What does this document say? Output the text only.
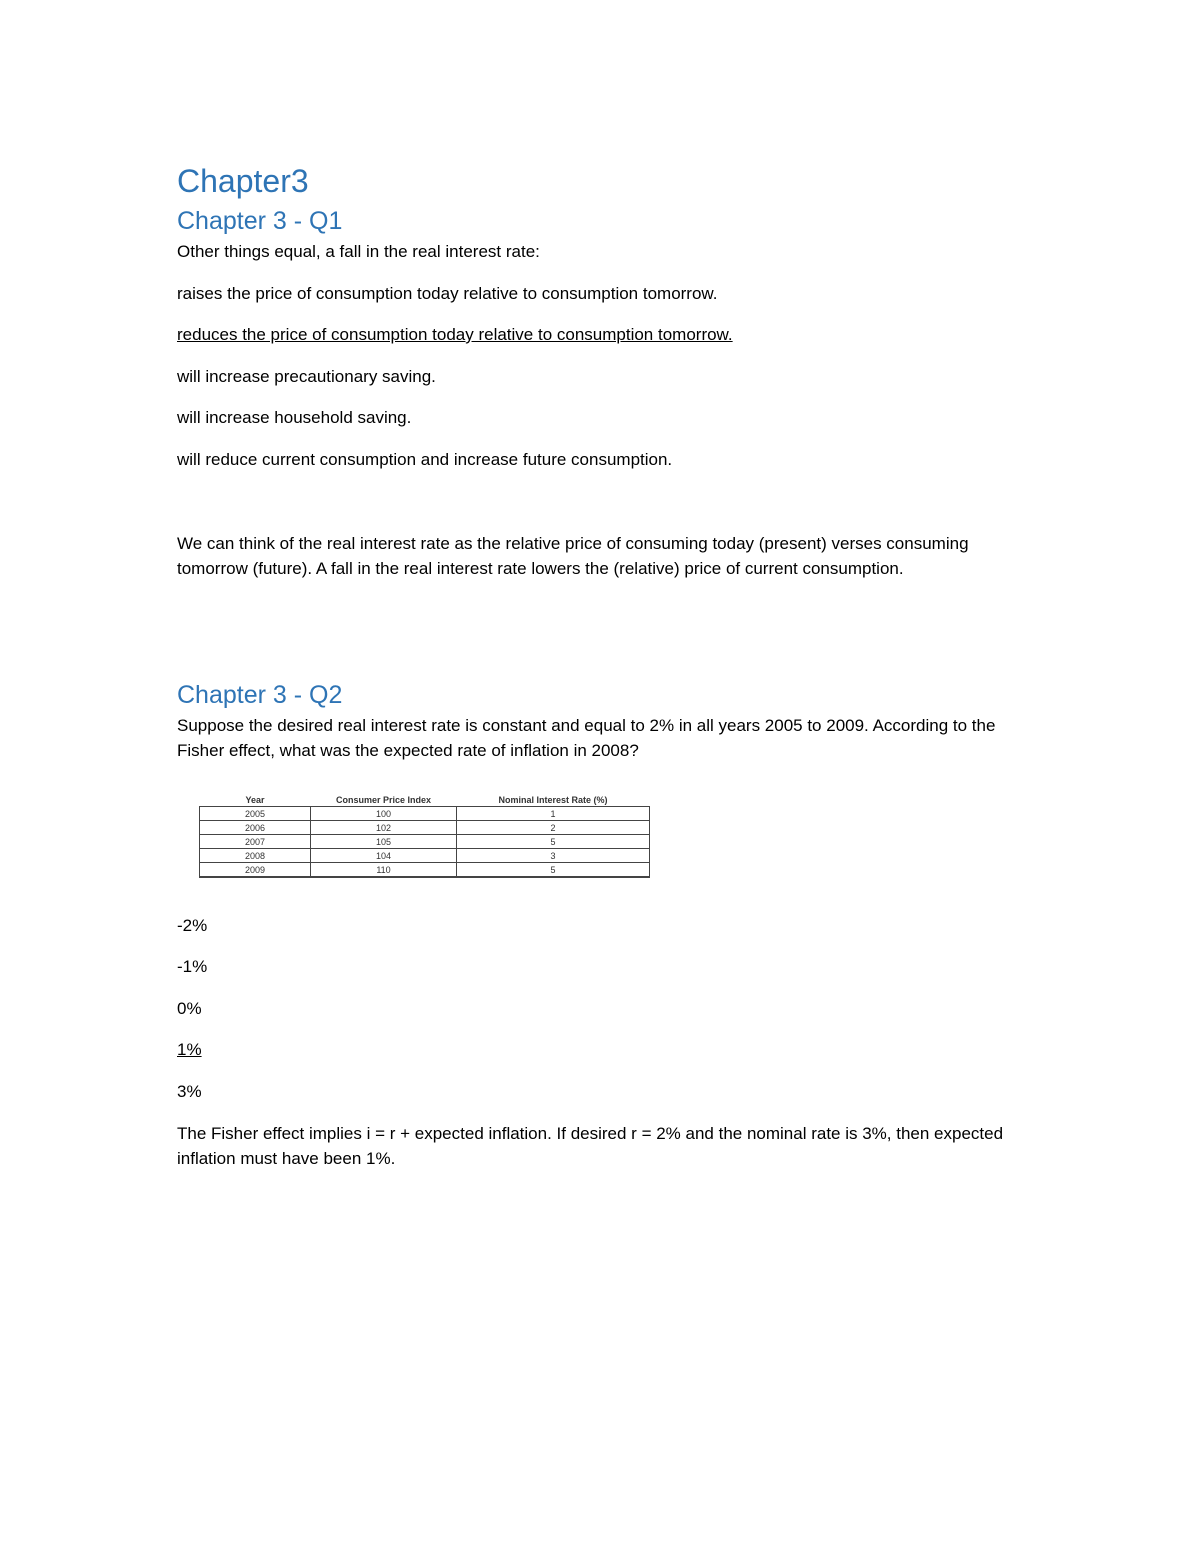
Chapter3
Chapter 3 - Q1

Other things equal, a fall in the real interest rate:

raises the price of consumption today relative to consumption tomorrow.

reduces the price of consumption today relative to consumption tomorrow.

will increase precautionary saving.

will increase household saving.

will reduce current consumption and increase future consumption.

We can think of the real interest rate as the relative price of consuming today (present) verses consuming tomorrow (future). A fall in the real interest rate lowers the (relative) price of current consumption.

Chapter 3 - Q2

Suppose the desired real interest rate is constant and equal to 2% in all years 2005 to 2009. According to the Fisher effect, what was the expected rate of inflation in 2008?

Year	Consumer Price Index	Nominal Interest Rate (%)
2005	100	1
2006	102	2
2007	105	5
2008	104	3
2009	110	5

-2%

-1%

0%

1%

3%

The Fisher effect implies i = r + expected inflation. If desired r = 2% and the nominal rate is 3%, then expected inflation must have been 1%.
